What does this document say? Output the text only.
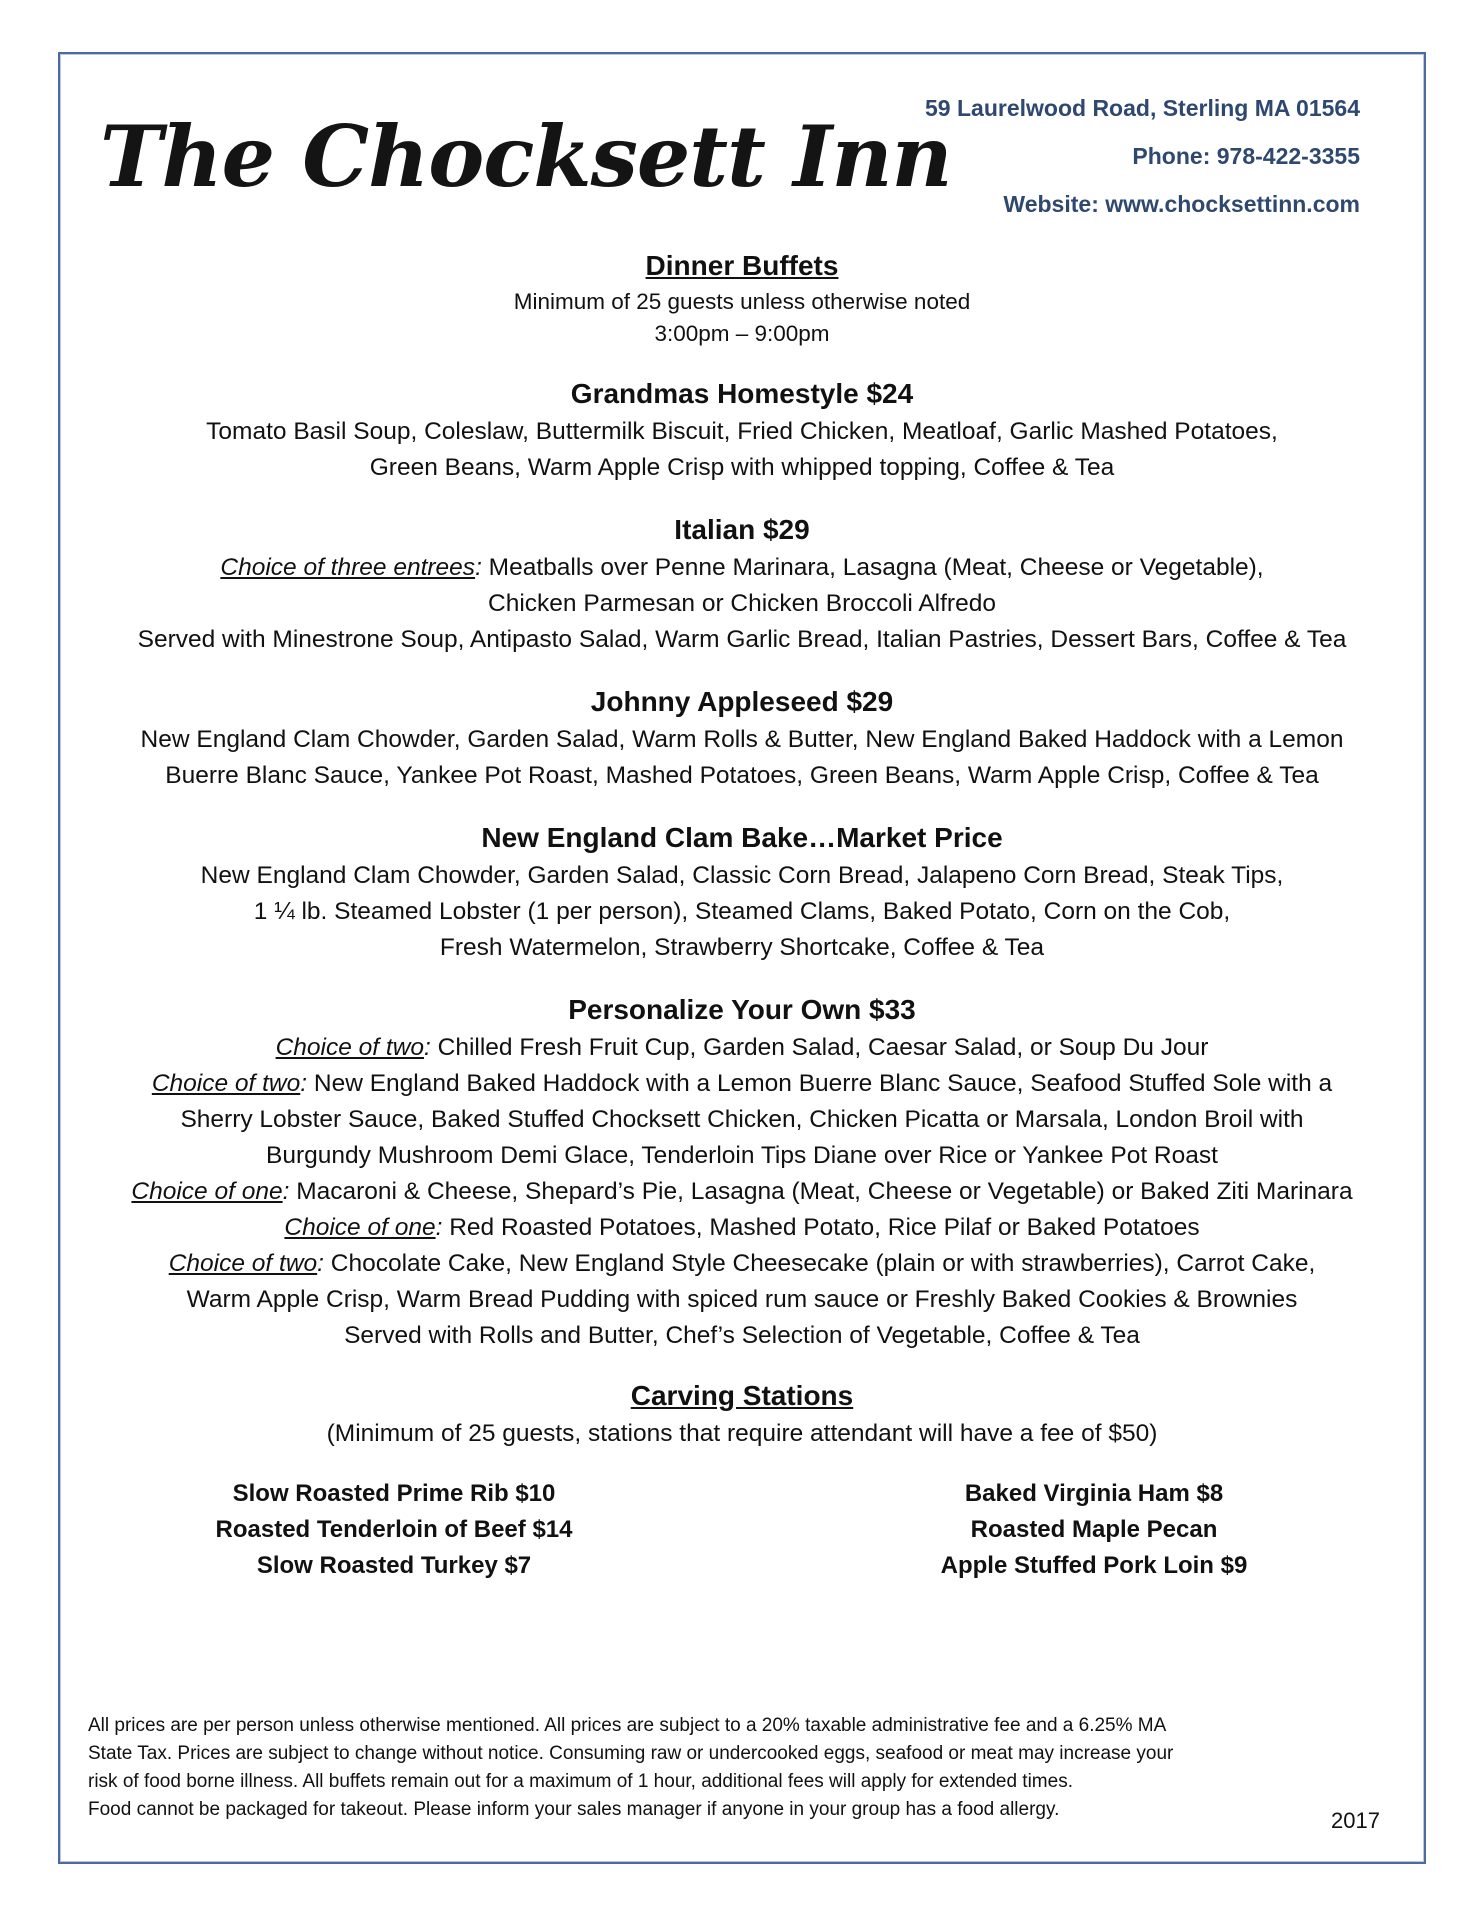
The Chocksett Inn
59 Laurelwood Road, Sterling MA 01564
Phone: 978-422-3355
Website: www.chocksettinn.com
Dinner Buffets
Minimum of 25 guests unless otherwise noted
3:00pm – 9:00pm
Grandmas Homestyle $24
Tomato Basil Soup, Coleslaw, Buttermilk Biscuit, Fried Chicken, Meatloaf, Garlic Mashed Potatoes,
Green Beans, Warm Apple Crisp with whipped topping, Coffee & Tea
Italian $29
Choice of three entrees: Meatballs over Penne Marinara, Lasagna (Meat, Cheese or Vegetable),
Chicken Parmesan or Chicken Broccoli Alfredo
Served with Minestrone Soup, Antipasto Salad, Warm Garlic Bread, Italian Pastries, Dessert Bars, Coffee & Tea
Johnny Appleseed $29
New England Clam Chowder, Garden Salad, Warm Rolls & Butter, New England Baked Haddock with a Lemon
Buerre Blanc Sauce, Yankee Pot Roast, Mashed Potatoes, Green Beans, Warm Apple Crisp, Coffee & Tea
New England Clam Bake…Market Price
New England Clam Chowder, Garden Salad, Classic Corn Bread, Jalapeno Corn Bread, Steak Tips,
1 ¼ lb. Steamed Lobster (1 per person), Steamed Clams, Baked Potato, Corn on the Cob,
Fresh Watermelon, Strawberry Shortcake, Coffee & Tea
Personalize Your Own $33
Choice of two: Chilled Fresh Fruit Cup, Garden Salad, Caesar Salad, or Soup Du Jour
Choice of two: New England Baked Haddock with a Lemon Buerre Blanc Sauce, Seafood Stuffed Sole with a
Sherry Lobster Sauce, Baked Stuffed Chocksett Chicken, Chicken Picatta or Marsala, London Broil with
Burgundy Mushroom Demi Glace, Tenderloin Tips Diane over Rice or Yankee Pot Roast
Choice of one: Macaroni & Cheese, Shepard’s Pie, Lasagna (Meat, Cheese or Vegetable) or Baked Ziti Marinara
Choice of one: Red Roasted Potatoes, Mashed Potato, Rice Pilaf or Baked Potatoes
Choice of two: Chocolate Cake, New England Style Cheesecake (plain or with strawberries), Carrot Cake,
Warm Apple Crisp, Warm Bread Pudding with spiced rum sauce or Freshly Baked Cookies & Brownies
Served with Rolls and Butter, Chef’s Selection of Vegetable, Coffee & Tea
Carving Stations
(Minimum of 25 guests, stations that require attendant will have a fee of $50)
Slow Roasted Prime Rib $10
Roasted Tenderloin of Beef $14
Slow Roasted Turkey $7
Baked Virginia Ham $8
Roasted Maple Pecan
Apple Stuffed Pork Loin $9
All prices are per person unless otherwise mentioned. All prices are subject to a 20% taxable administrative fee and a 6.25% MA
State Tax. Prices are subject to change without notice. Consuming raw or undercooked eggs, seafood or meat may increase your
risk of food borne illness. All buffets remain out for a maximum of 1 hour, additional fees will apply for extended times.
Food cannot be packaged for takeout. Please inform your sales manager if anyone in your group has a food allergy.	2017
